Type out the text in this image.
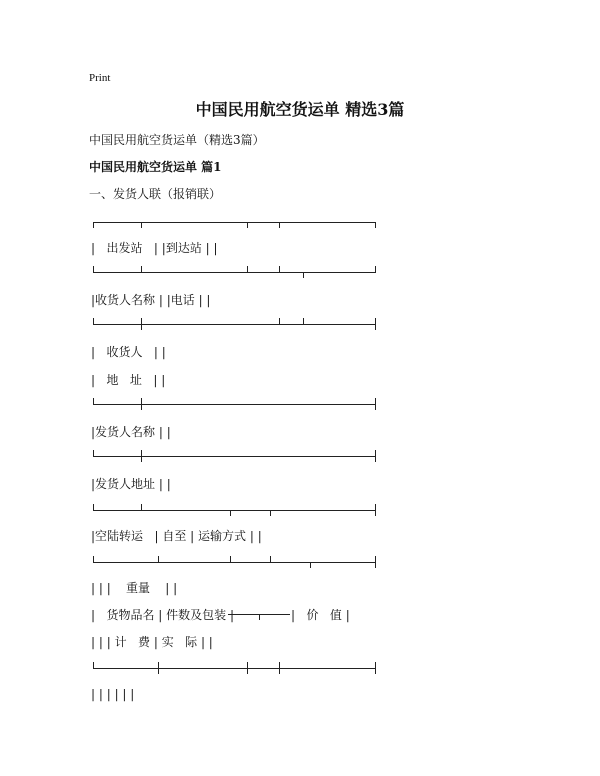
Print
中国民用航空货运单 精选3篇
中国民用航空货运单（精选3篇）
中国民用航空货运单 篇1
一、发货人联（报销联）
|   出发站   | |到达站 | |
|收货人名称 | |电话 | |
|   收货人   | |
|   地   址   | |
|发货人名称 | |
|发货人地址 | |
|空陆转运   | 自至 | 运输方式 | |
| | |    重量    | |
|   货物品名 | 件数及包装 |	|   价   值 |
| | | 计   费 | 实   际 | |
| | | | | |
